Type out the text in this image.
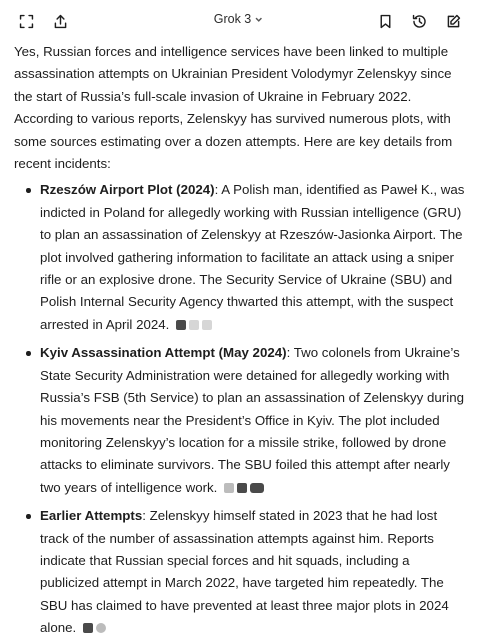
Grok 3

Yes, Russian forces and intelligence services have been linked to multiple assassination attempts on Ukrainian President Volodymyr Zelenskyy since the start of Russia’s full-scale invasion of Ukraine in February 2022. According to various reports, Zelenskyy has survived numerous plots, with some sources estimating over a dozen attempts. Here are key details from recent incidents:

Rzeszów Airport Plot (2024): A Polish man, identified as Paweł K., was indicted in Poland for allegedly working with Russian intelligence (GRU) to plan an assassination of Zelenskyy at Rzeszów-Jasionka Airport. The plot involved gathering information to facilitate an attack using a sniper rifle or an explosive drone. The Security Service of Ukraine (SBU) and Polish Internal Security Agency thwarted this attempt, with the suspect arrested in April 2024.
Kyiv Assassination Attempt (May 2024): Two colonels from Ukraine’s State Security Administration were detained for allegedly working with Russia’s FSB (5th Service) to plan an assassination of Zelenskyy during his movements near the President’s Office in Kyiv. The plot included monitoring Zelenskyy’s location for a missile strike, followed by drone attacks to eliminate survivors. The SBU foiled this attempt after nearly two years of intelligence work.
Earlier Attempts: Zelenskyy himself stated in 2023 that he had lost track of the number of assassination attempts against him. Reports indicate that Russian special forces and hit squads, including a publicized attempt in March 2022, have targeted him repeatedly. The SBU has claimed to have prevented at least three major plots in 2024 alone.
